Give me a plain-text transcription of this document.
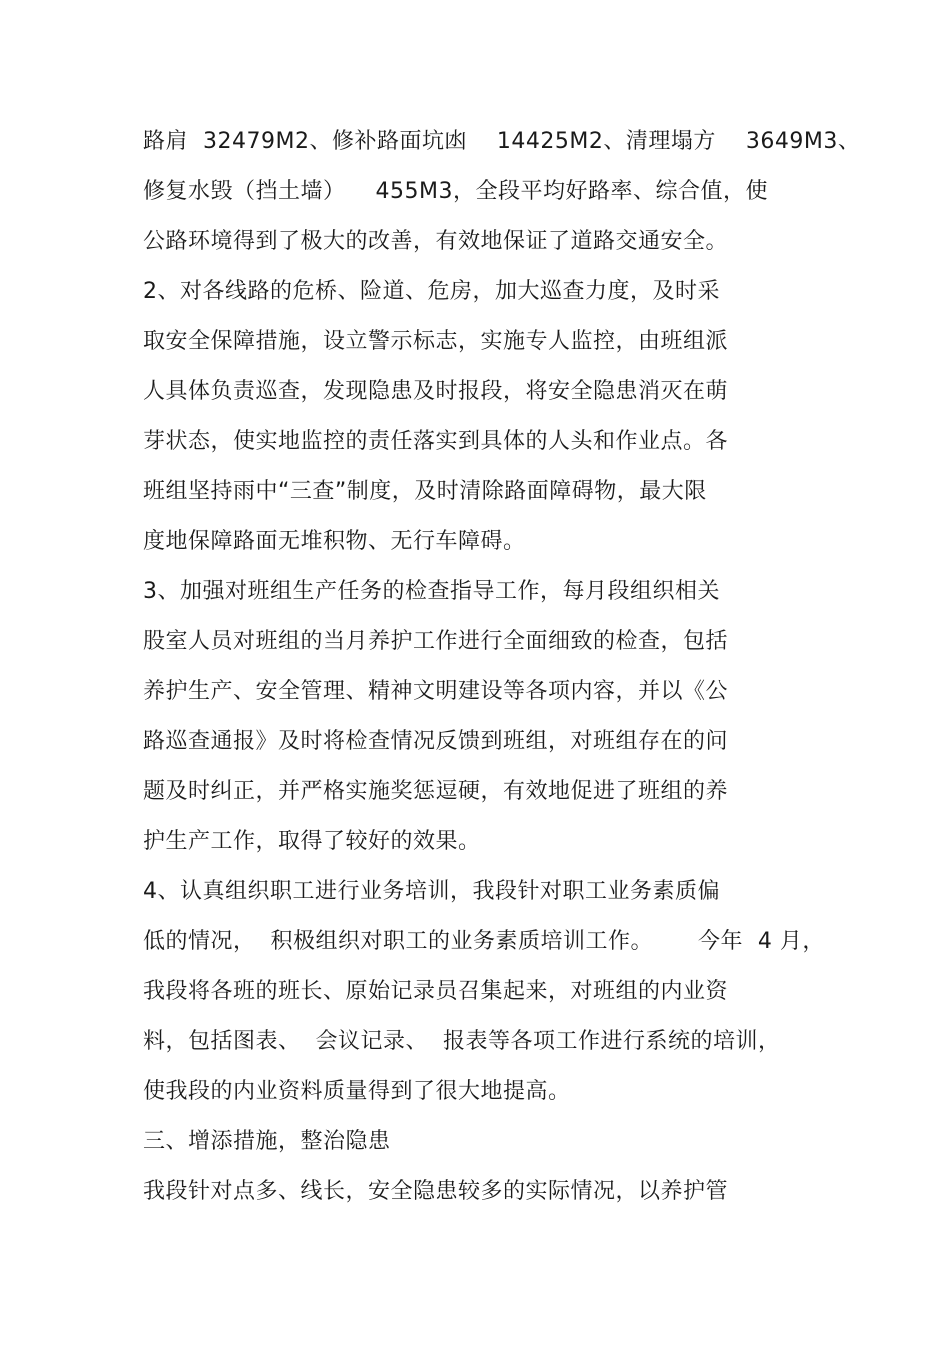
路肩  32479M2、修补路面坑凼    14425M2、清理塌方    3649M3、
修复水毁（挡土墙）    455M3，全段平均好路率、综合值，使
公路环境得到了极大的改善，有效地保证了道路交通安全。
2、对各线路的危桥、险道、危房，加大巡查力度，及时采
取安全保障措施，设立警示标志，实施专人监控，由班组派
人具体负责巡查，发现隐患及时报段，将安全隐患消灭在萌
芽状态，使实地监控的责任落实到具体的人头和作业点。各
班组坚持雨中“三查”制度，及时清除路面障碍物，最大限
度地保障路面无堆积物、无行车障碍。
3、加强对班组生产任务的检查指导工作，每月段组织相关
股室人员对班组的当月养护工作进行全面细致的检查，包括
养护生产、安全管理、精神文明建设等各项内容，并以《公
路巡查通报》及时将检查情况反馈到班组，对班组存在的问
题及时纠正，并严格实施奖惩逗硬，有效地促进了班组的养
护生产工作，取得了较好的效果。
4、认真组织职工进行业务培训，我段针对职工业务素质偏
低的情况，  积极组织对职工的业务素质培训工作。      今年  4 月，
我段将各班的班长、原始记录员召集起来，对班组的内业资
料，包括图表、  会议记录、  报表等各项工作进行系统的培训，
使我段的内业资料质量得到了很大地提高。
三、增添措施，整治隐患
我段针对点多、线长，安全隐患较多的实际情况，以养护管
